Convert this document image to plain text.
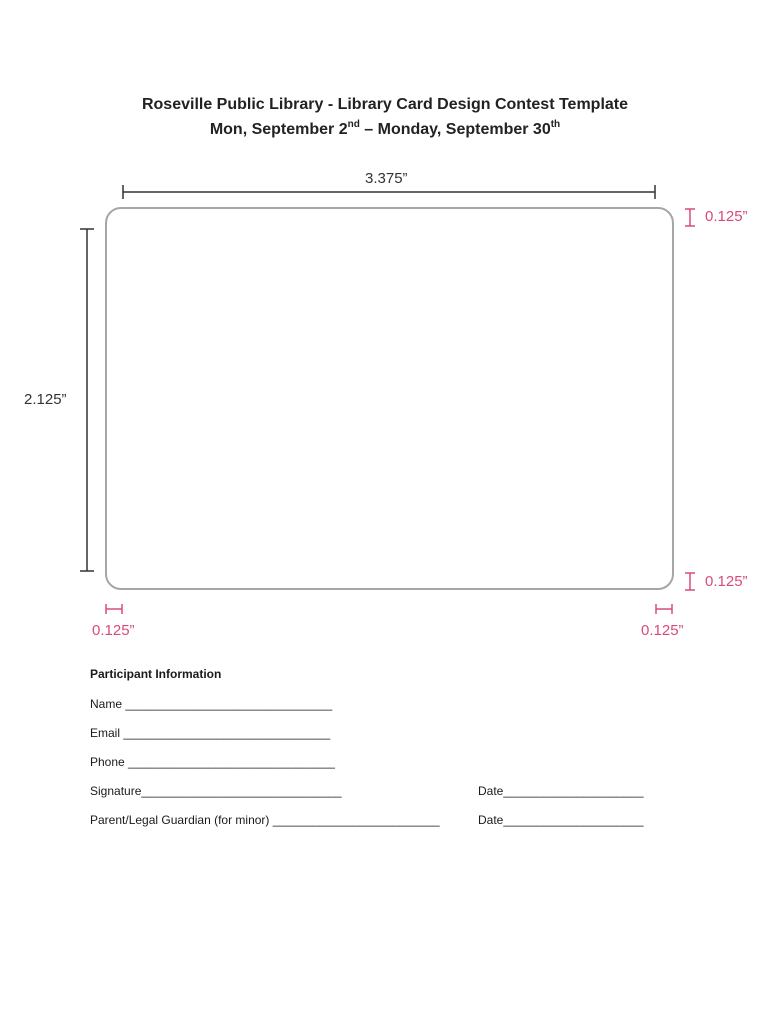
Roseville Public Library - Library Card Design Contest Template
Mon, September 2nd – Monday, September 30th
3.375”
2.125”
0.125”
0.125”
0.125”	0.125”
Participant Information
Name _______________________________
Email _______________________________
Phone _______________________________
Signature______________________________	Date_____________________
Parent/Legal Guardian (for minor) _________________________	Date_____________________
